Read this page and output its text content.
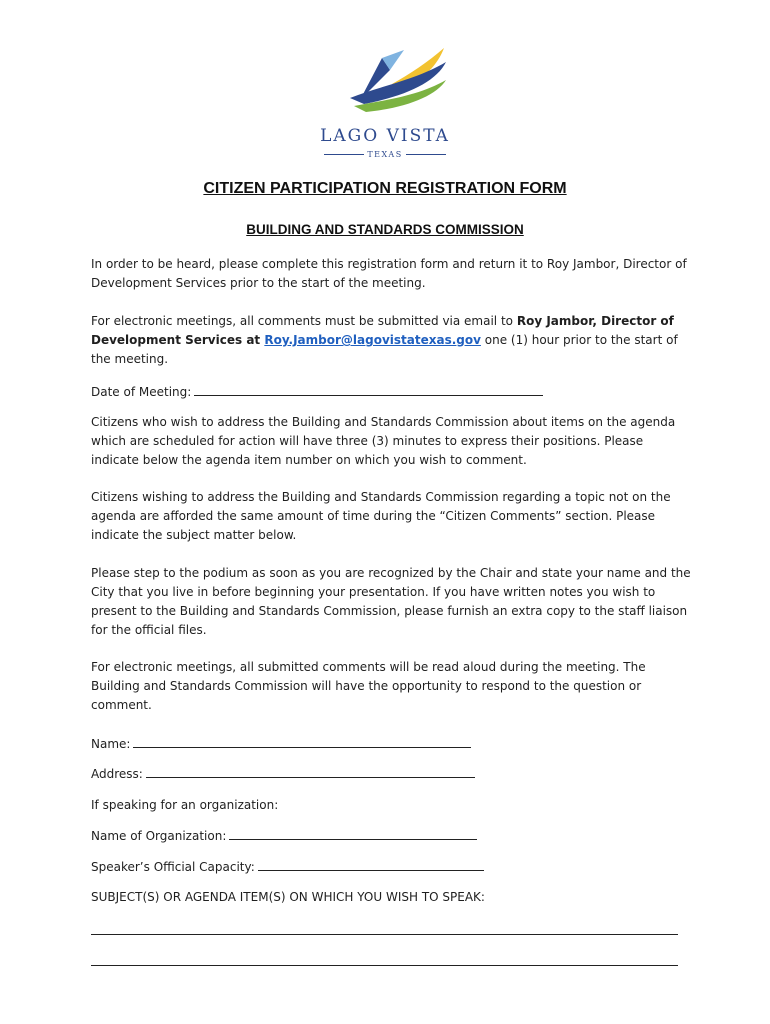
LAGO VISTA
TEXAS
CITIZEN PARTICIPATION REGISTRATION FORM
BUILDING AND STANDARDS COMMISSION
In order to be heard, please complete this registration form and return it to Roy Jambor, Director of Development Services prior to the start of the meeting.
For electronic meetings, all comments must be submitted via email to Roy Jambor, Director of Development Services at Roy.Jambor@lagovistatexas.gov one (1) hour prior to the start of the meeting.
Date of Meeting:
Citizens who wish to address the Building and Standards Commission about items on the agenda which are scheduled for action will have three (3) minutes to express their positions. Please indicate below the agenda item number on which you wish to comment.
Citizens wishing to address the Building and Standards Commission regarding a topic not on the agenda are afforded the same amount of time during the “Citizen Comments” section. Please indicate the subject matter below.
Please step to the podium as soon as you are recognized by the Chair and state your name and the City that you live in before beginning your presentation. If you have written notes you wish to present to the Building and Standards Commission, please furnish an extra copy to the staff liaison for the official files.
For electronic meetings, all submitted comments will be read aloud during the meeting. The Building and Standards Commission will have the opportunity to respond to the question or comment.
Name:
Address:
If speaking for an organization:
Name of Organization:
Speaker’s Official Capacity:
SUBJECT(S) OR AGENDA ITEM(S) ON WHICH YOU WISH TO SPEAK:
